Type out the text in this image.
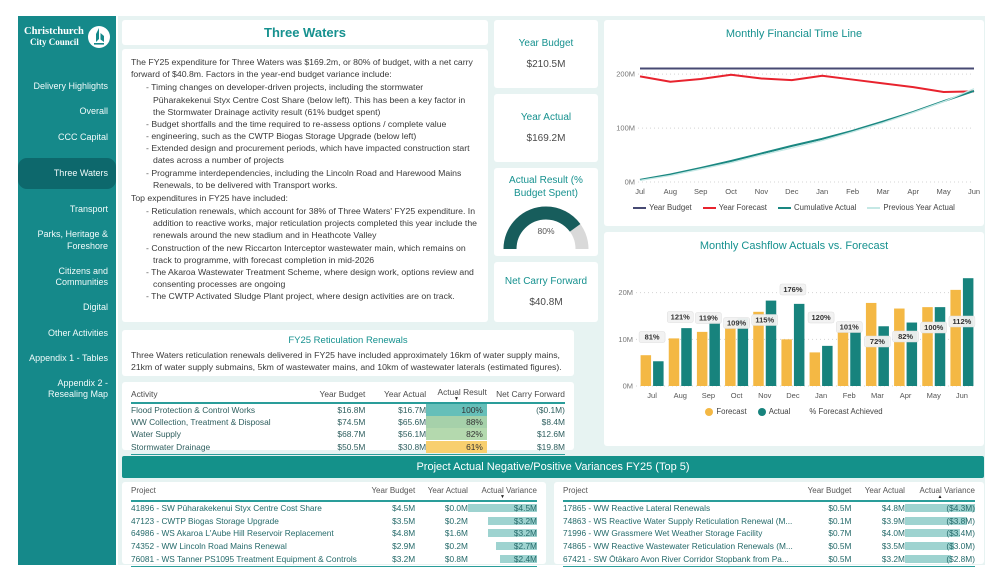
Christchurch
City Council
Delivery Highlights
Overall
CCC Capital
Three Waters
Transport
Parks, Heritage & Foreshore
Citizens and Communities
Digital
Other Activities
Appendix 1 - Tables
Appendix 2 - Resealing Map
Three Waters
The FY25 expenditure for Three Waters was $169.2m, or 80% of budget, with a net carry forward of $40.8m. Factors in the year-end budget variance include:
- Timing changes on developer-driven projects, including the stormwater Pūharakekenui Styx Centre Cost Share (below left). This has been a key factor in the Stormwater Drainage activity result (61% budget spent)
- Budget shortfalls and the time required to re-assess options / complete value
- engineering, such as the CWTP Biogas Storage Upgrade (below left)
- Extended design and procurement periods, which have impacted construction start dates across a number of projects
- Programme interdependencies, including the Lincoln Road and Harewood Mains Renewals, to be delivered with Transport works.
Top expenditures in FY25 have included:
- Reticulation renewals, which account for 38% of Three Waters' FY25 expenditure. In addition to reactive works, major reticulation projects completed this year include the renewals around the new stadium and in Heathcote Valley
- Construction of the new Riccarton Interceptor wastewater main, which remains on track to programme, with forecast completion in mid-2026
- The Akaroa Wastewater Treatment Scheme, where design work, options review and consenting processes are ongoing
- The CWTP Activated Sludge Plant project, where design activities are on track.
Year Budget
$210.5M
Year Actual
$169.2M
Actual Result (% Budget Spent)
80%
Net Carry Forward
$40.8M
Monthly Financial Time Line
0M
100M
200M
Jul	Aug Sep Oct Nov Dec Jan Feb Mar Apr May Jun
Year Budget	Year Forecast	Cumulative Actual	Previous Year Actual
Monthly Cashflow Actuals vs. Forecast
0M
10M
20M
Jul Aug Sep Oct Nov Dec Jan Feb Mar Apr May Jun
81%
121% 119%
109% 115%
176%
120%
101%
72%
82%
100%
112%
Forecast	Actual % Forecast Achieved
FY25 Reticulation Renewals
Three Waters reticulation renewals delivered in FY25 have included approximately 16km of water supply mains, 21km of water supply submains, 5km of wastewater mains, and 10km of wastewater laterals (estimated figures).
Activity	Year Budget	Year Actual	Actual Result
▼	Net Carry Forward
Flood Protection & Control Works	$16.8M	$16.7M	100%	($0.1M)
WW Collection, Treatment & Disposal	$74.5M	$65.6M	88%	$8.4M
Water Supply	$68.7M	$56.1M	82%	$12.6M
Stormwater Drainage	$50.5M	$30.8M	61%	$19.8M
Project Actual Negative/Positive Variances FY25 (Top 5)
Project	Year Budget	Year Actual	Actual Variance
▼
41896 - SW Pūharakekenui Styx Centre Cost Share	$4.5M	$0.0M	$4.5M
47123 - CWTP Biogas Storage Upgrade	$3.5M	$0.2M	$3.2M
64986 - WS Akaroa L'Aube Hill Reservoir Replacement	$4.8M	$1.6M	$3.2M
74352 - WW Lincoln Road Mains Renewal	$2.9M	$0.2M	$2.7M
76081 - WS Tanner PS1095 Treatment Equipment & Controls	$3.2M	$0.8M	$2.4M
Project	Year Budget	Year Actual	Actual Variance
▲
17865 - WW Reactive Lateral Renewals	$0.5M	$4.8M	($4.3M)
74863 - WS Reactive Water Supply Reticulation Renewal (M...	$0.1M	$3.9M	($3.8M)
71996 - WW Grassmere Wet Weather Storage Facility	$0.7M	$4.0M	($3.4M)
74865 - WW Reactive Wastewater Reticulation Renewals (M...	$0.5M	$3.5M	($3.0M)
67421 - SW Ōtākaro Avon River Corridor Stopbank from Pa...	$0.5M	$3.2M	($2.8M)
